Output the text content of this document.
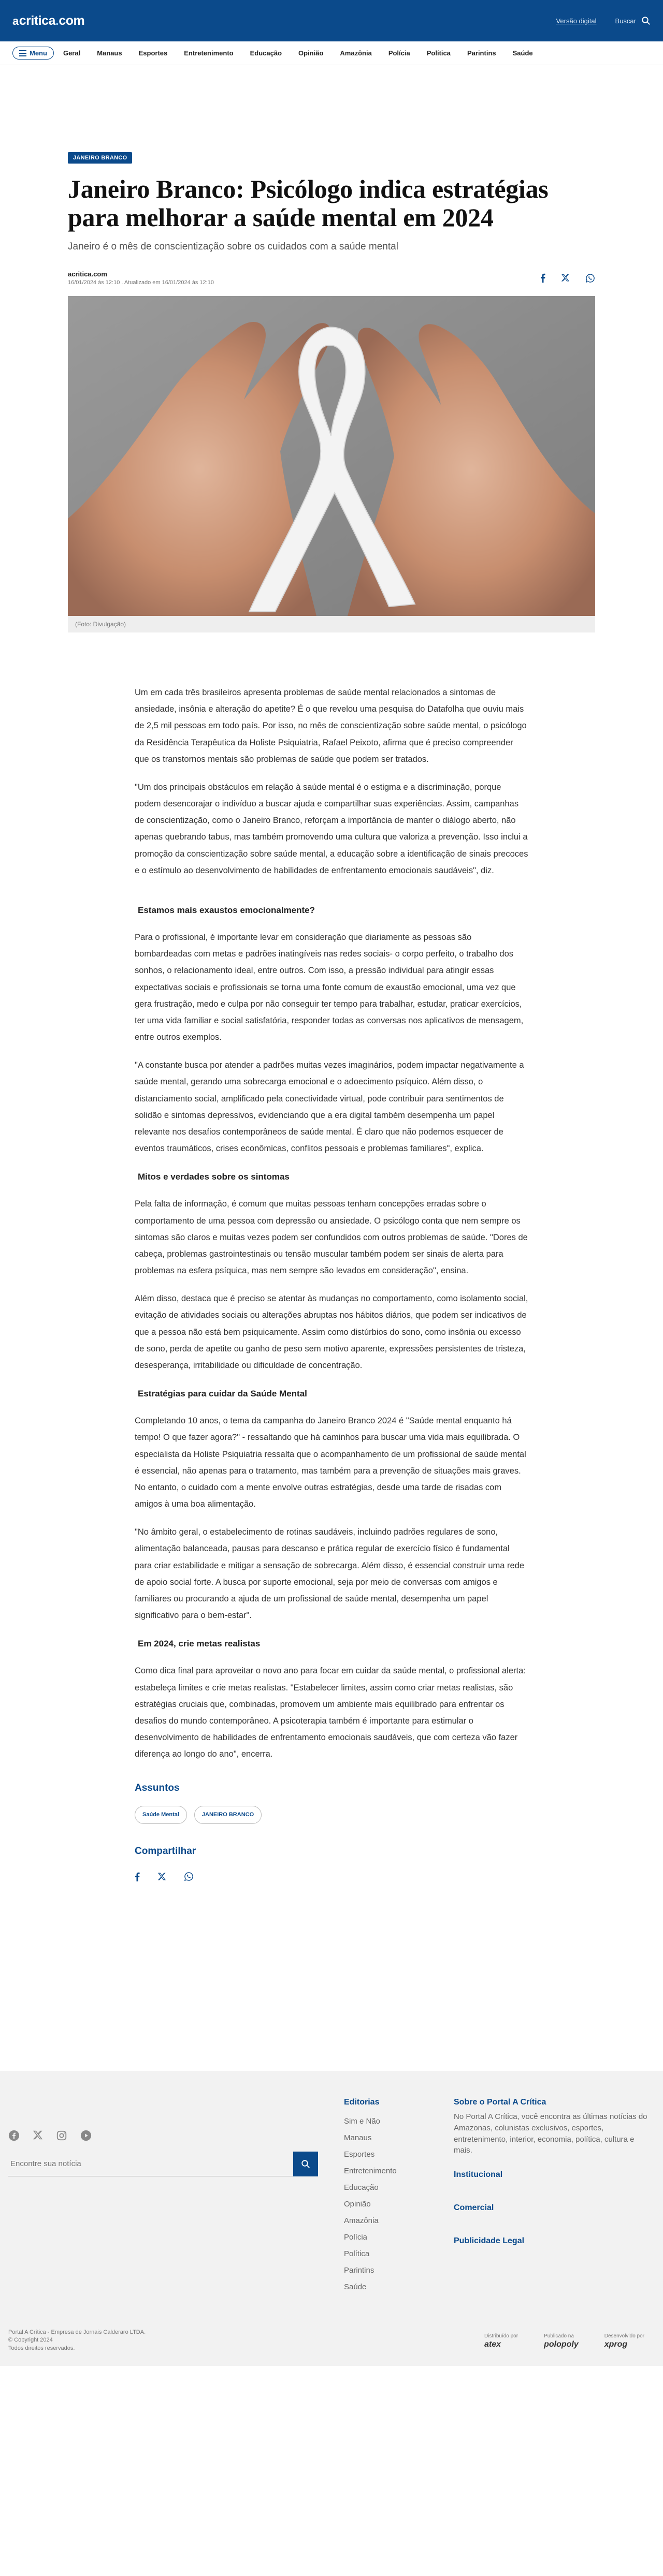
a critica . com	Versão digital	Buscar
Menu Geral Manaus Esportes Entretenimento Educação Opinião Amazônia Polícia Política Parintins Saúde
JANEIRO BRANCO
Janeiro Branco: Psicólogo indica estratégias para melhorar a saúde mental em 2024

Janeiro é o mês de conscientização sobre os cuidados com a saúde mental

acritica.com
16/01/2024 às 12:10 . Atualizado em 16/01/2024 às 12:10
(Foto: Divulgação)

Um em cada três brasileiros apresenta problemas de saúde mental relacionados a sintomas de ansiedade, insônia e alteração do apetite? É o que revelou uma pesquisa do Datafolha que ouviu mais de 2,5 mil pessoas em todo país. Por isso, no mês de conscientização sobre saúde mental, o psicólogo da Residência Terapêutica da Holiste Psiquiatria, Rafael Peixoto, afirma que é preciso compreender que os transtornos mentais são problemas de saúde que podem ser tratados.

"Um dos principais obstáculos em relação à saúde mental é o estigma e a discriminação, porque podem desencorajar o indivíduo a buscar ajuda e compartilhar suas experiências. Assim, campanhas de conscientização, como o Janeiro Branco, reforçam a importância de manter o diálogo aberto, não apenas quebrando tabus, mas também promovendo uma cultura que valoriza a prevenção. Isso inclui a promoção da conscientização sobre saúde mental, a educação sobre a identificação de sinais precoces e o estímulo ao desenvolvimento de habilidades de enfrentamento emocionais saudáveis", diz.

Estamos mais exaustos emocionalmente?

Para o profissional, é importante levar em consideração que diariamente as pessoas são bombardeadas com metas e padrões inatingíveis nas redes sociais- o corpo perfeito, o trabalho dos sonhos, o relacionamento ideal, entre outros. Com isso, a pressão individual para atingir essas expectativas sociais e profissionais se torna uma fonte comum de exaustão emocional, uma vez que gera frustração, medo e culpa por não conseguir ter tempo para trabalhar, estudar, praticar exercícios, ter uma vida familiar e social satisfatória, responder todas as conversas nos aplicativos de mensagem, entre outros exemplos.

"A constante busca por atender a padrões muitas vezes imaginários, podem impactar negativamente a saúde mental, gerando uma sobrecarga emocional e o adoecimento psíquico. Além disso, o distanciamento social, amplificado pela conectividade virtual, pode contribuir para sentimentos de solidão e sintomas depressivos, evidenciando que a era digital também desempenha um papel relevante nos desafios contemporâneos de saúde mental. É claro que não podemos esquecer de eventos traumáticos, crises econômicas, conflitos pessoais e problemas familiares", explica.

Mitos e verdades sobre os sintomas

Pela falta de informação, é comum que muitas pessoas tenham concepções erradas sobre o comportamento de uma pessoa com depressão ou ansiedade. O psicólogo conta que nem sempre os sintomas são claros e muitas vezes podem ser confundidos com outros problemas de saúde. "Dores de cabeça, problemas gastrointestinais ou tensão muscular também podem ser sinais de alerta para problemas na esfera psíquica, mas nem sempre são levados em consideração", ensina.

Além disso, destaca que é preciso se atentar às mudanças no comportamento, como isolamento social, evitação de atividades sociais ou alterações abruptas nos hábitos diários, que podem ser indicativos de que a pessoa não está bem psiquicamente. Assim como distúrbios do sono, como insônia ou excesso de sono, perda de apetite ou ganho de peso sem motivo aparente, expressões persistentes de tristeza, desesperança, irritabilidade ou dificuldade de concentração.

Estratégias para cuidar da Saúde Mental

Completando 10 anos, o tema da campanha do Janeiro Branco 2024 é "Saúde mental enquanto há tempo! O que fazer agora?" - ressaltando que há caminhos para buscar uma vida mais equilibrada. O especialista da Holiste Psiquiatria ressalta que o acompanhamento de um profissional de saúde mental é essencial, não apenas para o tratamento, mas também para a prevenção de situações mais graves. No entanto, o cuidado com a mente envolve outras estratégias, desde uma tarde de risadas com amigos à uma boa alimentação.

"No âmbito geral, o estabelecimento de rotinas saudáveis, incluindo padrões regulares de sono, alimentação balanceada, pausas para descanso e prática regular de exercício físico é fundamental para criar estabilidade e mitigar a sensação de sobrecarga. Além disso, é essencial construir uma rede de apoio social forte. A busca por suporte emocional, seja por meio de conversas com amigos e familiares ou procurando a ajuda de um profissional de saúde mental, desempenha um papel significativo para o bem-estar".

Em 2024, crie metas realistas

Como dica final para aproveitar o novo ano para focar em cuidar da saúde mental, o profissional alerta: estabeleça limites e crie metas realistas. "Estabelecer limites, assim como criar metas realistas, são estratégias cruciais que, combinadas, promovem um ambiente mais equilibrado para enfrentar os desafios do mundo contemporâneo. A psicoterapia também é importante para estimular o desenvolvimento de habilidades de enfrentamento emocionais saudáveis, que com certeza vão fazer diferença ao longo do ano", encerra.

Assuntos
Saúde Mental	JANEIRO BRANCO
Compartilhar
Encontre sua notícia
Editorias
Sim e Não
Manaus
Esportes
Entretenimento
Educação
Opinião
Amazônia
Polícia
Política
Parintins
Saúde
Sobre o Portal A Crítica

No Portal A Crítica, você encontra as últimas notícias do Amazonas, colunistas exclusivos, esportes, entretenimento, interior, economia, política, cultura e mais.

Institucional
Comercial
Publicidade Legal
Portal A Crítica - Empresa de Jornais Calderaro LTDA.
© Copyright 2024
Todos direitos reservados.
Distribuído por
atex
Publicado na
polopoly
Desenvolvido por
xprog
